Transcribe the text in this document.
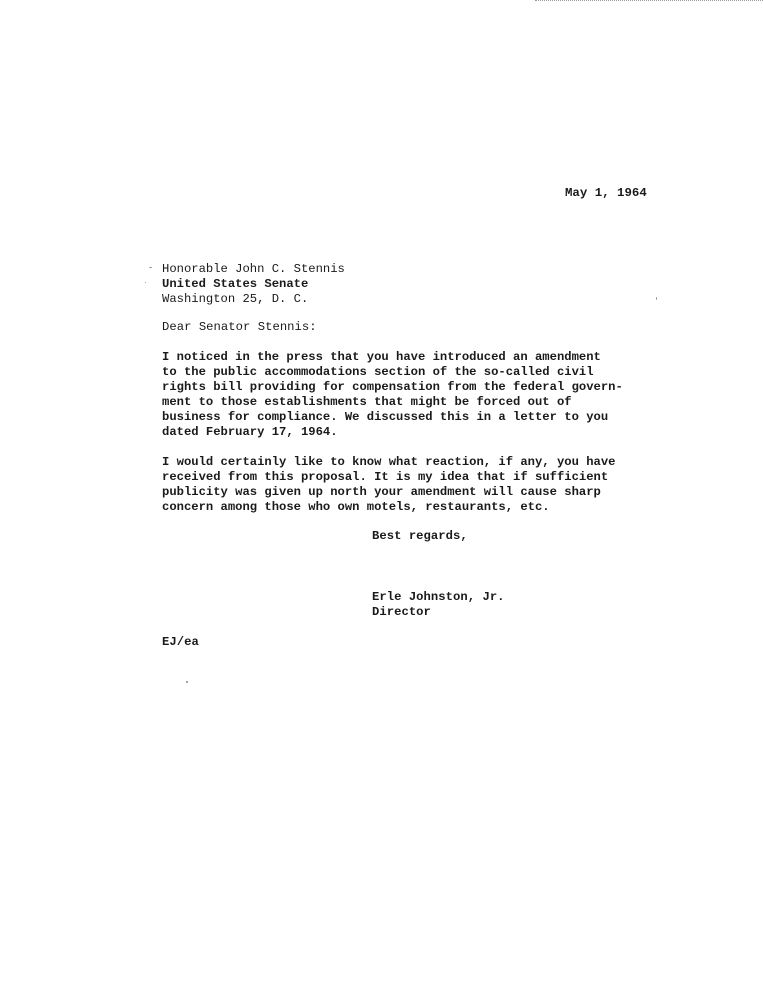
May 1, 1964
Honorable John C. Stennis
United States Senate
Washington 25, D. C.
Dear Senator Stennis:
I noticed in the press that you have introduced an amendment
to the public accommodations section of the so-called civil
rights bill providing for compensation from the federal govern-
ment to those establishments that might be forced out of
business for compliance. We discussed this in a letter to you
dated February 17, 1964.
I would certainly like to know what reaction, if any, you have
received from this proposal. It is my idea that if sufficient
publicity was given up north your amendment will cause sharp
concern among those who own motels, restaurants, etc.
Best regards,
Erle Johnston, Jr.
Director
EJ/ea
